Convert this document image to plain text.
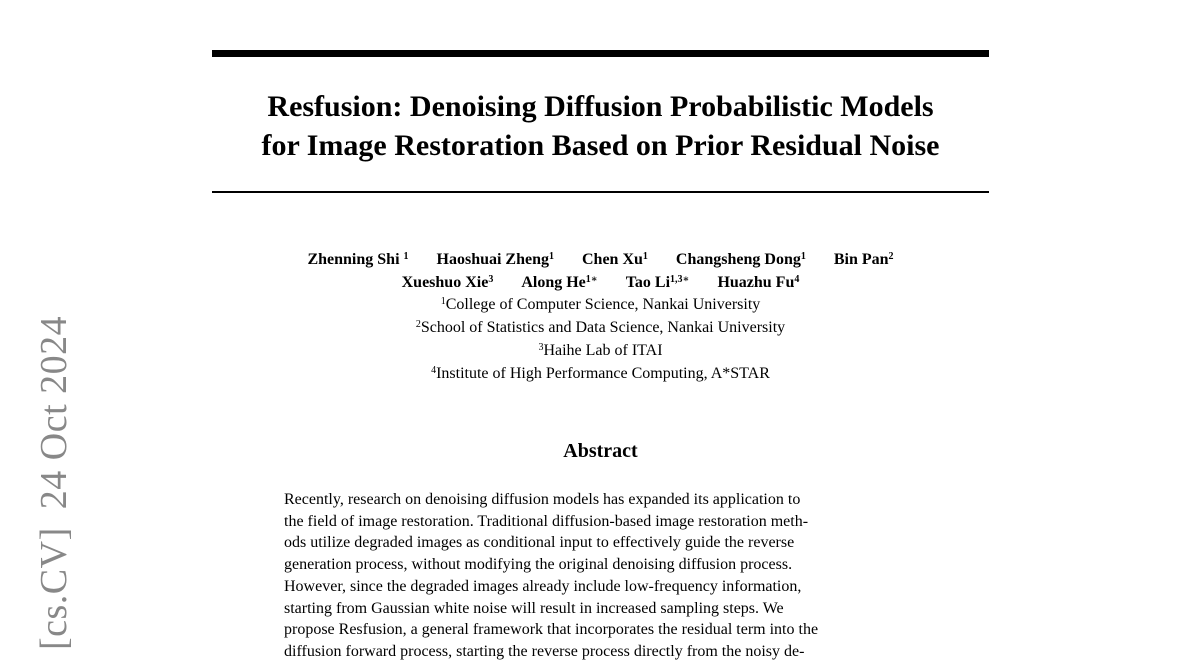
[cs.CV]24 Oct 2024
Resfusion: Denoising Diffusion Probabilistic Models
for Image Restoration Based on Prior Residual Noise
Zhenning Shi $^1$ Haoshuai Zheng$^1$ Chen Xu$^1$ Changsheng Dong$^1$ Bin Pan$^2$
Xueshuo Xie$^3$ Along $He^{1∗}$ Tao $Li^{1,3∗}$ Huazhu Fu$^4$
$^1$College of Computer Science, Nankai University
$^2$School of Statistics and Data Science, Nankai University
$^3$Haihe Lab of ITAI
$^4$Institute of High Performance Computing, A*STAR
Abstract
Recently, research on denoising diffusion models has expanded its application to
the field of image restoration. Traditional diffusion-based image restoration meth-
ods utilize degraded images as conditional input to effectively guide the reverse
generation process, without modifying the original denoising diffusion process.
However, since the degraded images already include low-frequency information,
starting from Gaussian white noise will result in increased sampling steps. We
propose Resfusion, a general framework that incorporates the residual term into the
diffusion forward process, starting the reverse process directly from the noisy de-
